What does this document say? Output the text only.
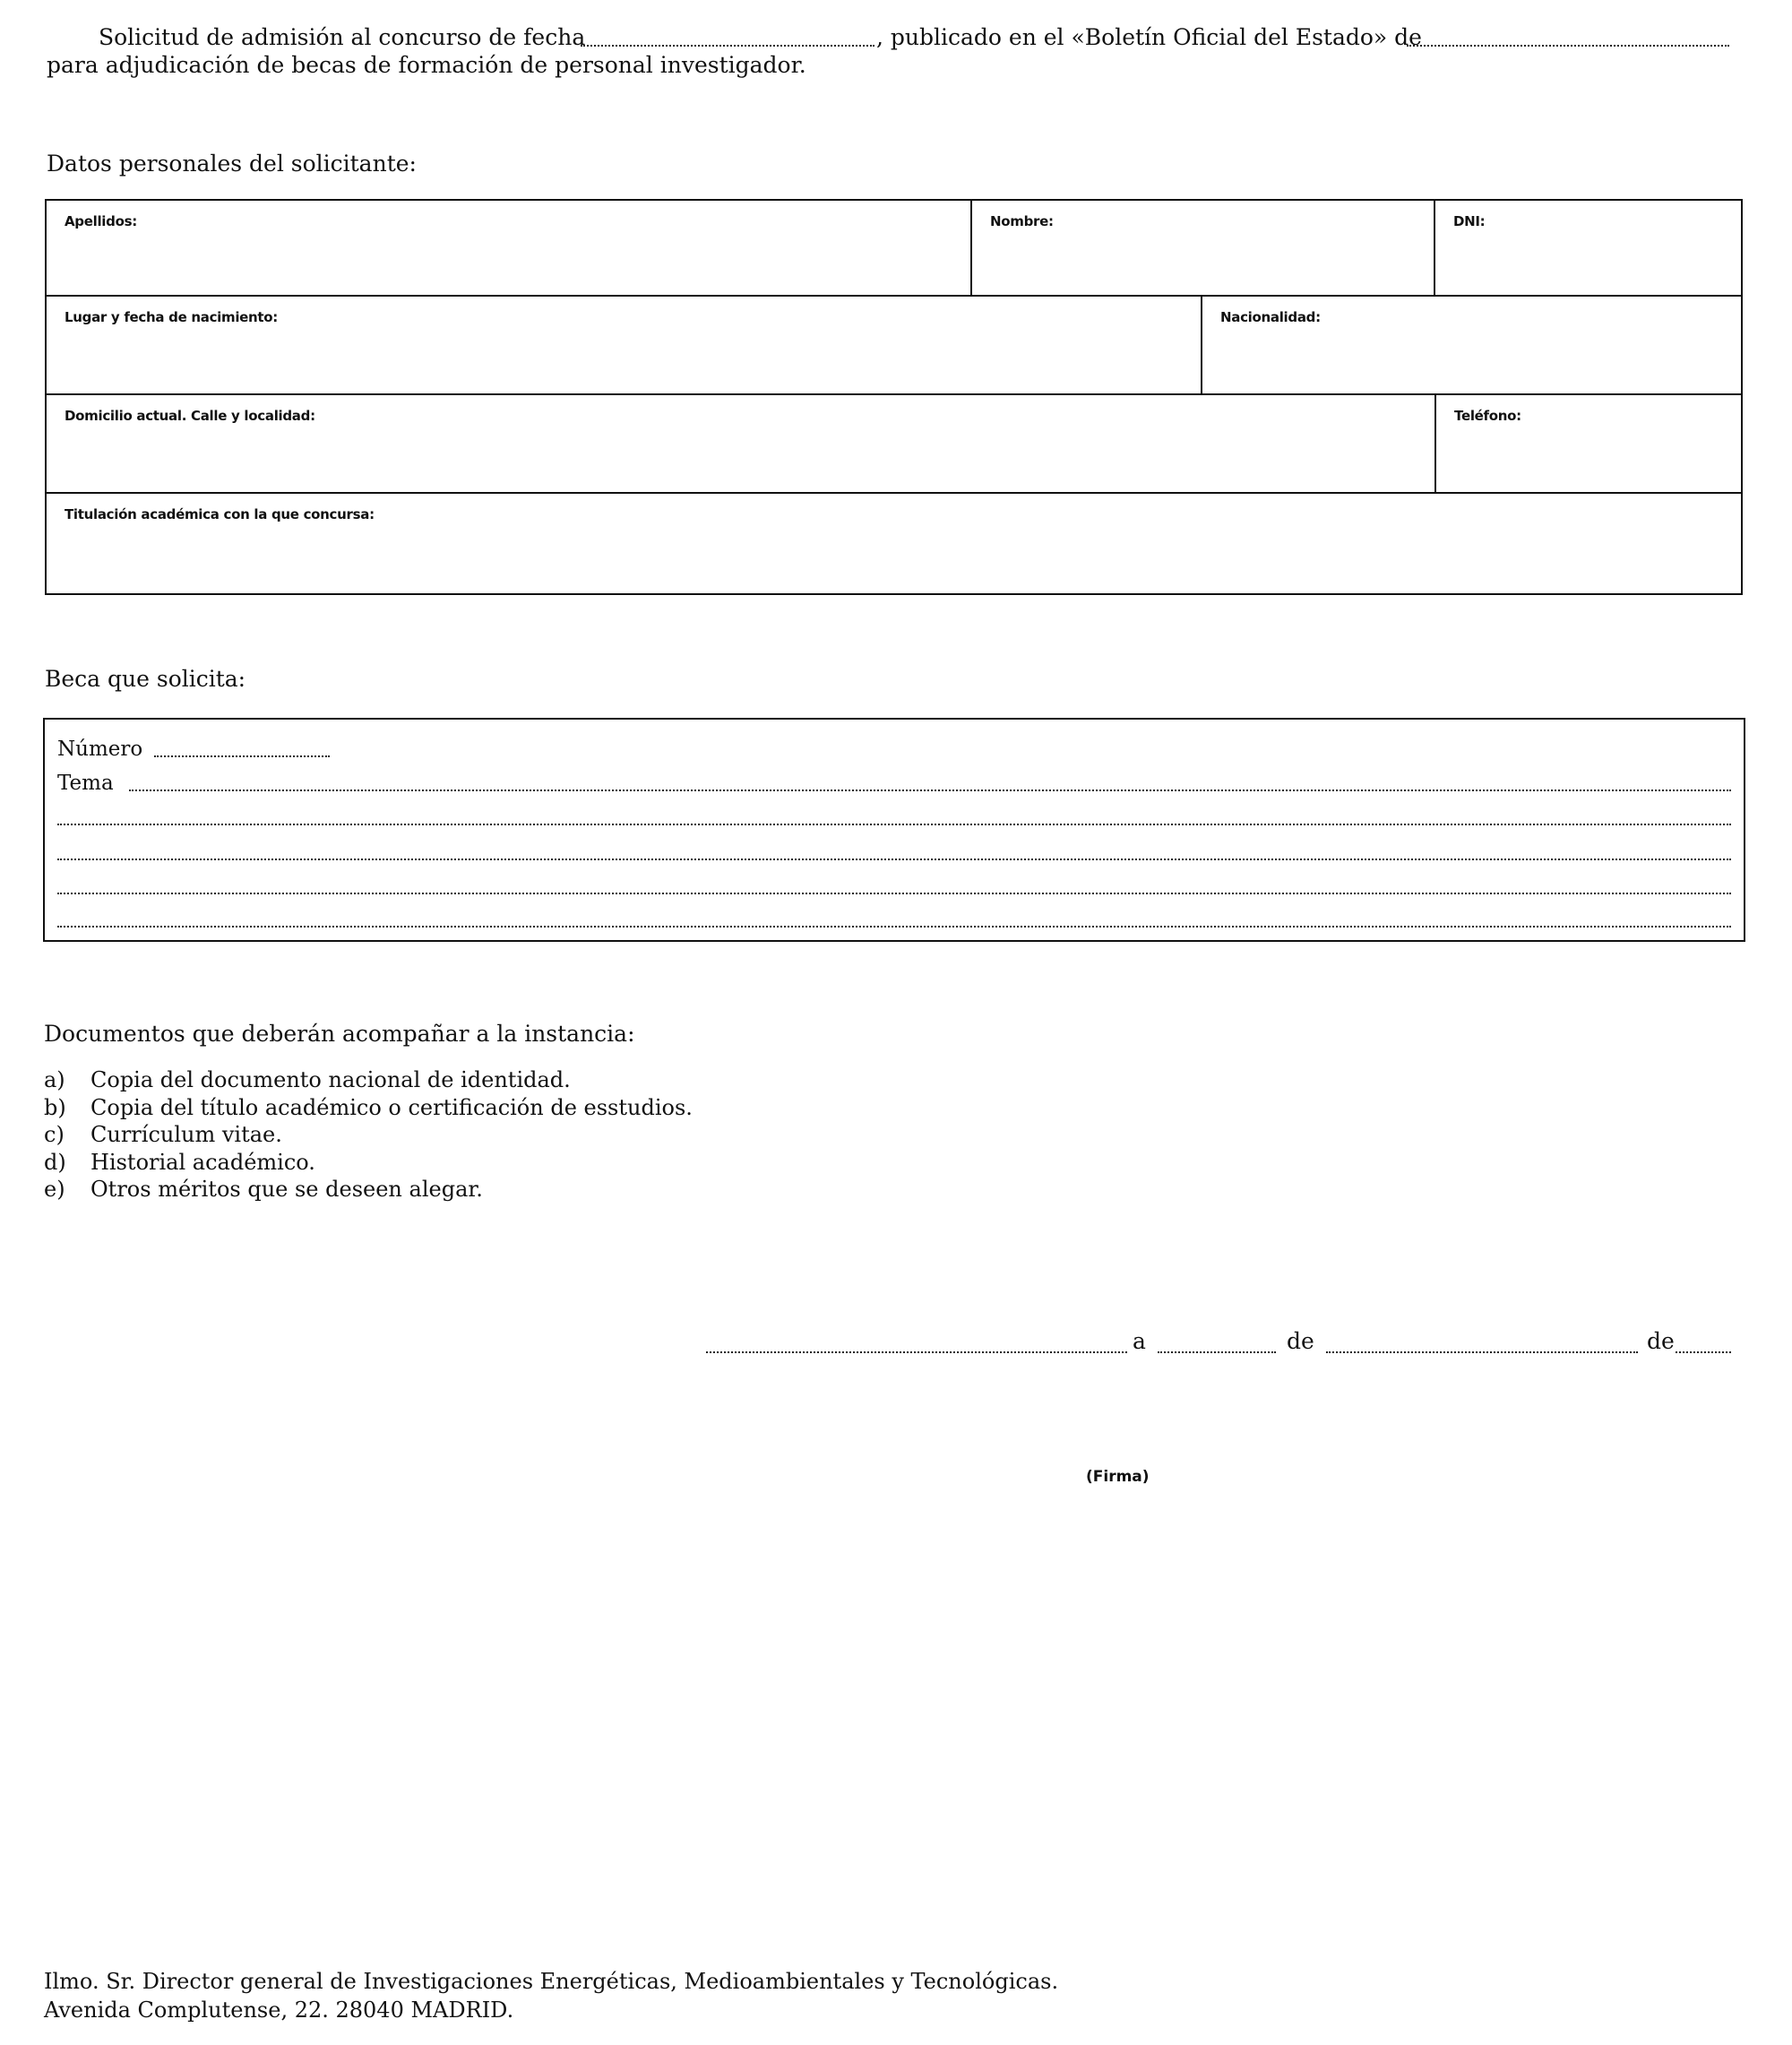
Solicitud de admisión al concurso de fecha	, publicado en el «Boletín Oficial del Estado» de
para adjudicación de becas de formación de personal investigador.
Datos personales del solicitante:
Apellidos:	Nombre:	DNI:
Lugar y fecha de nacimiento:	Nacionalidad:
Domicilio actual. Calle y localidad:	Teléfono:
Titulación académica con la que concursa:
Beca que solicita:
Número
Tema
Documentos que deberán acompañar a la instancia:
a) Copia del documento nacional de identidad.
b) Copia del título académico o certificación de esstudios.
c) Currículum vitae.
d) Historial académico.
e) Otros méritos que se deseen alegar.
a	de	de
(Firma)
Ilmo. Sr. Director general de Investigaciones Energéticas, Medioambientales y Tecnológicas.
Avenida Complutense, 22. 28040 MADRID.
